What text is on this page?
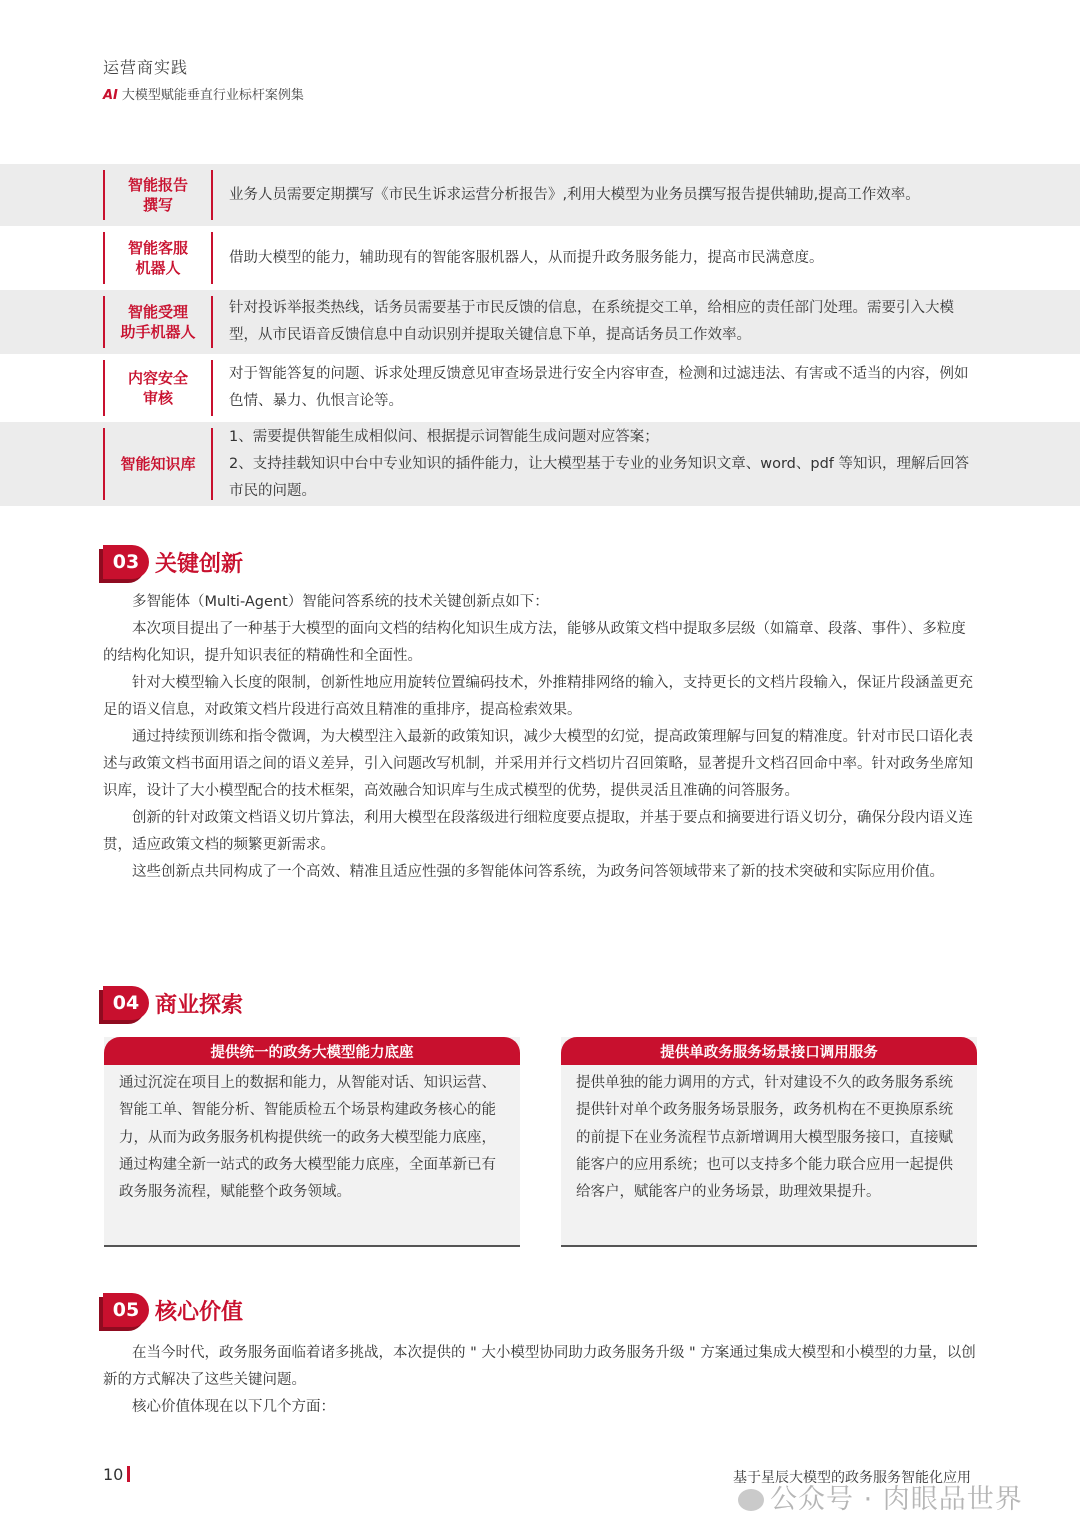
运营商实践
AI 大模型赋能垂直行业标杆案例集
智能报告
撰写
业务人员需要定期撰写《市民生诉求运营分析报告》,利用大模型为业务员撰写报告提供辅助,提高工作效率。
智能客服
机器人
借助大模型的能力，辅助现有的智能客服机器人，从而提升政务服务能力，提高市民满意度。
智能受理
助手机器人
针对投诉举报类热线，话务员需要基于市民反馈的信息，在系统提交工单，给相应的责任部门处理。需要引入大模型，从市民语音反馈信息中自动识别并提取关键信息下单，提高话务员工作效率。
内容安全
审核
对于智能答复的问题、诉求处理反馈意见审查场景进行安全内容审查，检测和过滤违法、有害或不适当的内容，例如色情、暴力、仇恨言论等。
智能知识库
1、需要提供智能生成相似问、根据提示词智能生成问题对应答案；
2、支持挂载知识中台中专业知识的插件能力，让大模型基于专业的业务知识文章、word、pdf 等知识，理解后回答市民的问题。
03 关键创新

多智能体（Multi-Agent）智能问答系统的技术关键创新点如下：

本次项目提出了一种基于大模型的面向文档的结构化知识生成方法，能够从政策文档中提取多层级（如篇章、段落、事件）、多粒度的结构化知识，提升知识表征的精确性和全面性。

针对大模型输入长度的限制，创新性地应用旋转位置编码技术，外推精排网络的输入，支持更长的文档片段输入，保证片段涵盖更充足的语义信息，对政策文档片段进行高效且精准的重排序，提高检索效果。

通过持续预训练和指令微调，为大模型注入最新的政策知识，减少大模型的幻觉，提高政策理解与回复的精准度。针对市民口语化表述与政策文档书面用语之间的语义差异，引入问题改写机制，并采用并行文档切片召回策略，显著提升文档召回命中率。针对政务坐席知识库，设计了大小模型配合的技术框架，高效融合知识库与生成式模型的优势，提供灵活且准确的问答服务。

创新的针对政策文档语义切片算法，利用大模型在段落级进行细粒度要点提取，并基于要点和摘要进行语义切分，确保分段内语义连贯，适应政策文档的频繁更新需求。

这些创新点共同构成了一个高效、精准且适应性强的多智能体问答系统，为政务问答领域带来了新的技术突破和实际应用价值。

04 商业探索
提供统一的政务大模型能力底座
通过沉淀在项目上的数据和能力，从智能对话、知识运营、智能工单、智能分析、智能质检五个场景构建政务核心的能力，从而为政务服务机构提供统一的政务大模型能力底座，通过构建全新一站式的政务大模型能力底座，全面革新已有政务服务流程，赋能整个政务领域。
提供单政务服务场景接口调用服务
提供单独的能力调用的方式，针对建设不久的政务服务系统提供针对单个政务服务场景服务，政务机构在不更换原系统的前提下在业务流程节点新增调用大模型服务接口，直接赋能客户的应用系统；也可以支持多个能力联合应用一起提供给客户，赋能客户的业务场景，助理效果提升。
05 核心价值

在当今时代，政务服务面临着诸多挑战，本次提供的 " 大小模型协同助力政务服务升级 " 方案通过集成大模型和小模型的力量，以创新的方式解决了这些关键问题。

核心价值体现在以下几个方面：

10	基于星辰大模型的政务服务智能化应用
公众号 · 肉眼品世界
